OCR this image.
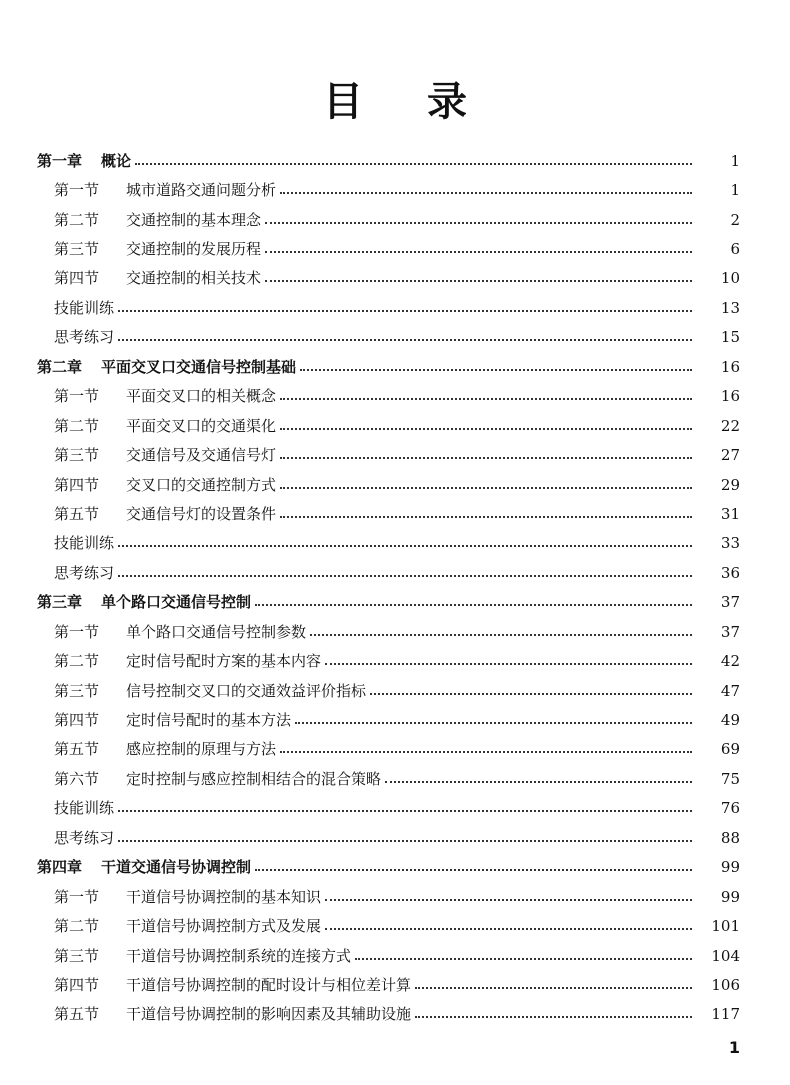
目 录
第一章 概论	1
第一节 城市道路交通问题分析	1
第二节 交通控制的基本理念	2
第三节 交通控制的发展历程	6
第四节 交通控制的相关技术	10
技能训练	13
思考练习	15
第二章 平面交叉口交通信号控制基础	16
第一节 平面交叉口的相关概念	16
第二节 平面交叉口的交通渠化	22
第三节 交通信号及交通信号灯	27
第四节 交叉口的交通控制方式	29
第五节 交通信号灯的设置条件	31
技能训练	33
思考练习	36
第三章 单个路口交通信号控制	37
第一节 单个路口交通信号控制参数	37
第二节 定时信号配时方案的基本内容	42
第三节 信号控制交叉口的交通效益评价指标	47
第四节 定时信号配时的基本方法	49
第五节 感应控制的原理与方法	69
第六节 定时控制与感应控制相结合的混合策略	75
技能训练	76
思考练习	88
第四章 干道交通信号协调控制	99
第一节 干道信号协调控制的基本知识	99
第二节 干道信号协调控制方式及发展	101
第三节 干道信号协调控制系统的连接方式	104
第四节 干道信号协调控制的配时设计与相位差计算	106
第五节 干道信号协调控制的影响因素及其辅助设施	117
1
